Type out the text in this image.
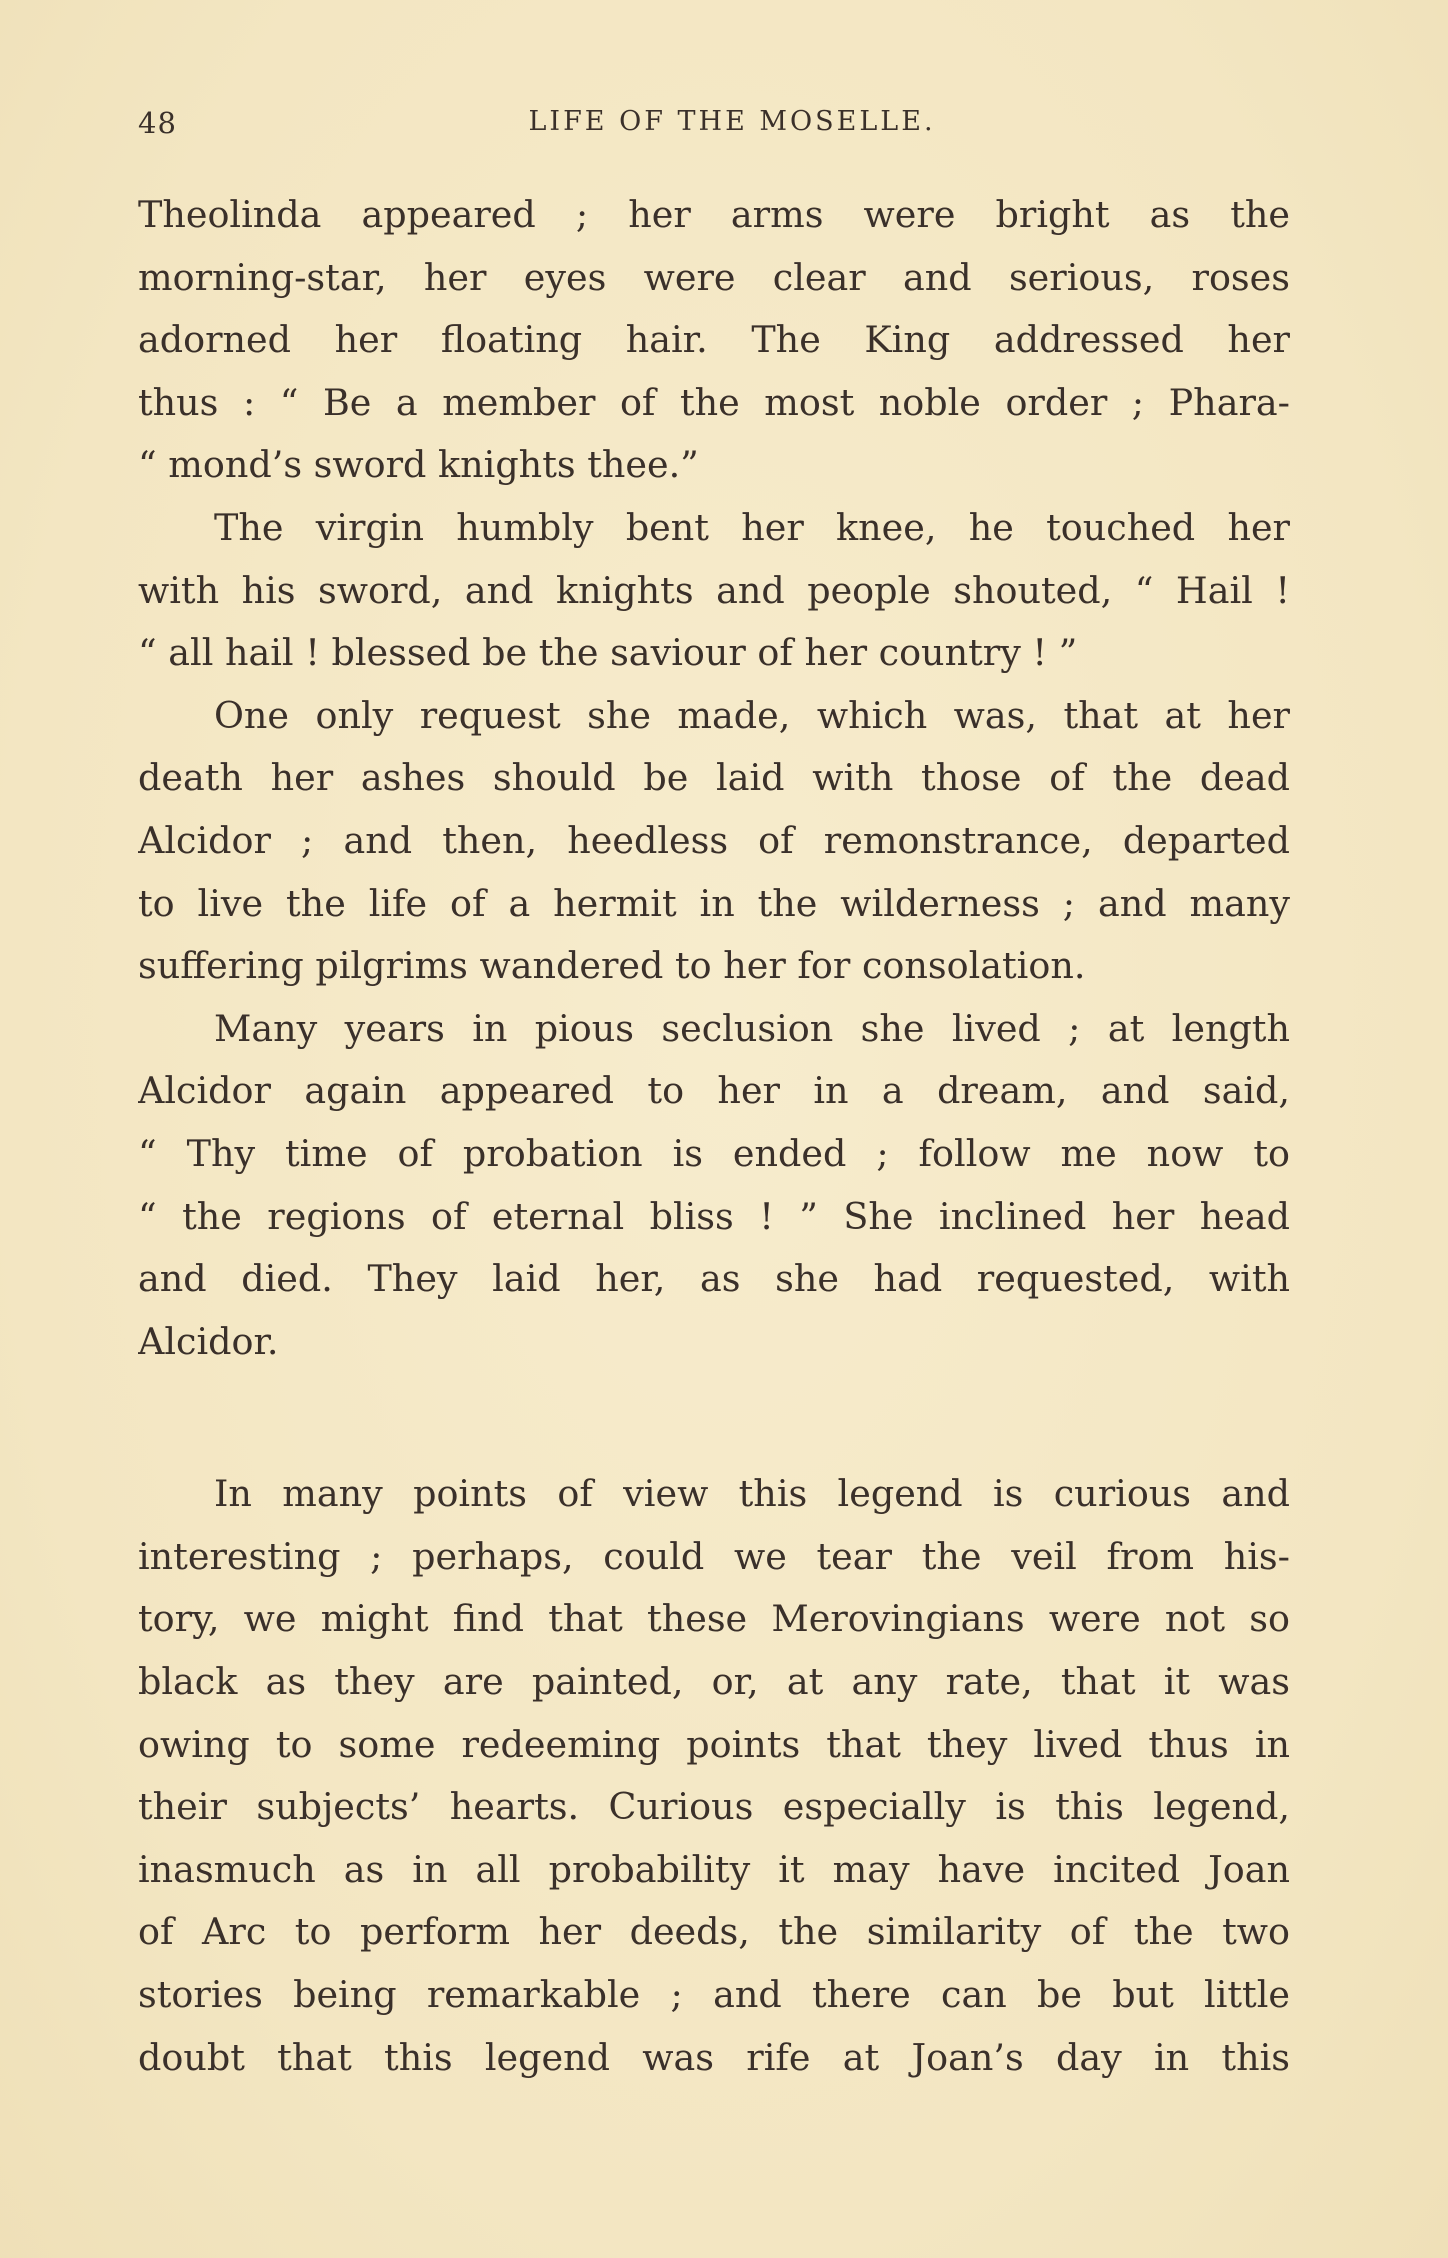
48	LIFE OF THE MOSELLE.
Theolinda appeared ; her arms were bright as the
morning-star, her eyes were clear and serious, roses
adorned her floating hair. The King addressed her
thus : “ Be a member of the most noble order ; Phara-
“ mond’s sword knights thee.”
The virgin humbly bent her knee, he touched her
with his sword, and knights and people shouted, “ Hail !
“ all hail ! blessed be the saviour of her country ! ”
One only request she made, which was, that at her
death her ashes should be laid with those of the dead
Alcidor ; and then, heedless of remonstrance, departed
to live the life of a hermit in the wilderness ; and many
suffering pilgrims wandered to her for consolation.
Many years in pious seclusion she lived ; at length
Alcidor again appeared to her in a dream, and said,
“ Thy time of probation is ended ; follow me now to
“ the regions of eternal bliss ! ” She inclined her head
and died. They laid her, as she had requested, with
Alcidor.
In many points of view this legend is curious and
interesting ; perhaps, could we tear the veil from his-
tory, we might find that these Merovingians were not so
black as they are painted, or, at any rate, that it was
owing to some redeeming points that they lived thus in
their subjects’ hearts. Curious especially is this legend,
inasmuch as in all probability it may have incited Joan
of Arc to perform her deeds, the similarity of the two
stories being remarkable ; and there can be but little
doubt that this legend was rife at Joan’s day in this
